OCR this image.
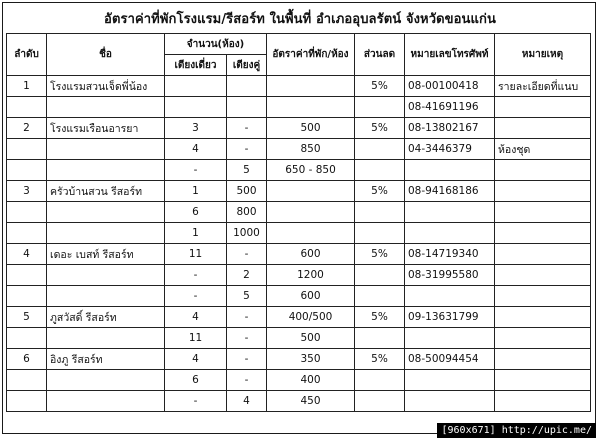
อัตราค่าที่พักโรงแรม/รีสอร์ท ในพื้นที่ อำเภออุบลรัตน์ จังหวัดขอนแก่น
ลำดับ	ชื่อ	จำนวน(ห้อง)		อัตราค่าที่พัก/ห้อง	ส่วนลด	หมายเลขโทรศัพท์	หมายเหตุ
		เตียงเดี่ยว	เตียงคู่				
1	โรงแรมสวนเจ็ดพี่น้อง				5%	08-00100418	รายละเอียดที่แนบ
						08-41691196	
2	โรงแรมเรือนอารยา	3	-	500	5%	08-13802167	
		4	-	850		04-3446379	ห้องชุด
		-	5	650 - 850			
3	ครัวบ้านสวน รีสอร์ท	1	500		5%	08-94168186	
		6	800				
		1	1000				
4	เดอะ เบสท์ รีสอร์ท	11	-	600	5%	08-14719340	
		-	2	1200		08-31995580	
		-	5	600			
5	ภูสวัสดิ์ รีสอร์ท	4	-	400/500	5%	09-13631799	
		11	-	500			
6	อิงภู รีสอร์ท	4	-	350	5%	08-50094454	
		6	-	400			
		-	4	450			
[960x671] http://upic.me/
